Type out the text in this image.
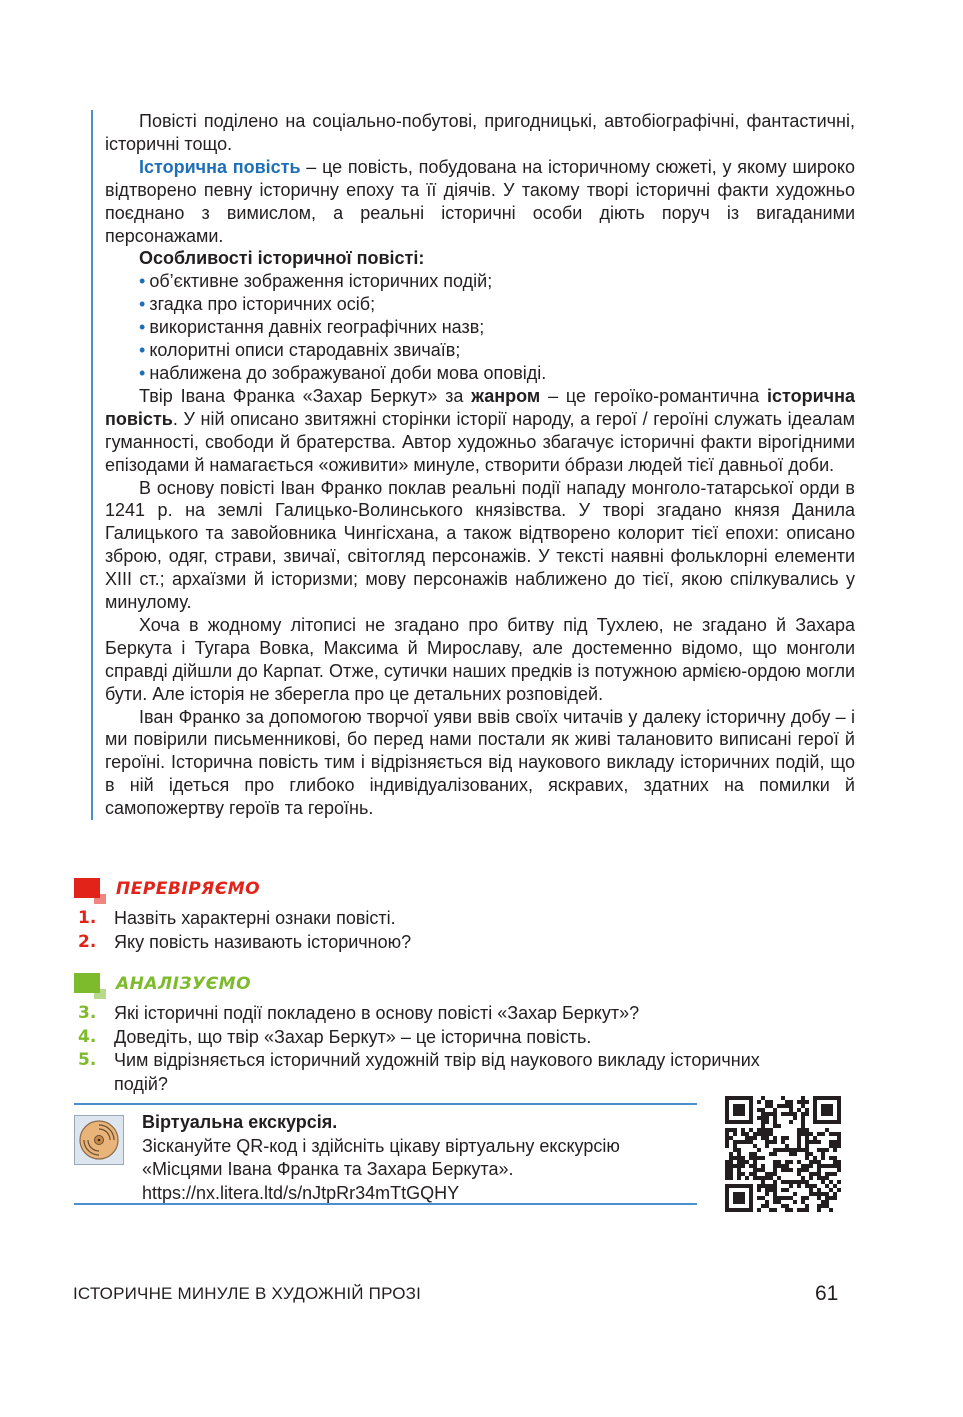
Повісті поділено на соціально-побутові, пригодницькі, автобіографічні, фантастичні, історичні тощо.

Історична повість – це повість, побудована на історичному сюжеті, у якому широко відтворено певну історичну епоху та її діячів. У такому творі історичні факти художньо поєднано з вимислом, а реальні історичні особи діють поруч із вигаданими персонажами.

Особливості історичної повісті:
• об’єктивне зображення історичних подій;
• згадка про історичних осіб;
• використання давніх географічних назв;
• колоритні описи стародавніх звичаїв;
• наближена до зображуваної доби мова оповіді.

Твір Івана Франка «Захар Беркут» за жанром – це героїко-романтична історична повість. У ній описано звитяжні сторінки історії народу, а герої / героїні служать ідеалам гуманності, свободи й братерства. Автор художньо збагачує історичні факти вірогідними епізодами й намагається «оживити» минуле, створити óбрази людей тієї давньої доби.

В основу повісті Іван Франко поклав реальні події нападу монголо-татарської орди в 1241 р. на землі Галицько-Волинського князівства. У творі згадано князя Данила Галицького та завойовника Чингісхана, а також відтворено колорит тієї епохи: описано зброю, одяг, страви, звичаї, світогляд персонажів. У тексті наявні фольклорні елементи XIII ст.; архаїзми й історизми; мову персонажів наближено до тієї, якою спілкувались у минулому.

Хоча в жодному літописі не згадано про битву під Тухлею, не згадано й Захара Беркута і Тугара Вовка, Максима й Мирославу, але достеменно відомо, що монголи справді дійшли до Карпат. Отже, сутички наших предків із потужною армією-ордою могли бути. Але історія не зберегла про це детальних розповідей.

Іван Франко за допомогою творчої уяви ввів своїх читачів у далеку історичну добу – і ми повірили письменникові, бо перед нами постали як живі талановито виписані герої й героїні. Історична повість тим і відрізняється від наукового викладу історичних подій, що в ній ідеться про глибоко індивідуалізованих, яскравих, здатних на помилки й самопожертву героїв та героїнь.

ПЕРЕВІРЯЄМО
1. Назвіть характерні ознаки повісті.
2. Яку повість називають історичною?
АНАЛІЗУЄМО
3. Які історичні події покладено в основу повісті «Захар Беркут»?
4. Доведіть, що твір «Захар Беркут» – це історична повість.
5. Чим відрізняється історичний художній твір від наукового викладу історичних подій?
Віртуальна екскурсія.
Зіскануйте QR-код і здійсніть цікаву віртуальну екскурсію
«Місцями Івана Франка та Захара Беркута».
https://nx.litera.ltd/s/nJtpRr34mTtGQHY
ІСТОРИЧНЕ МИНУЛЕ В ХУДОЖНІЙ ПРОЗІ	61
